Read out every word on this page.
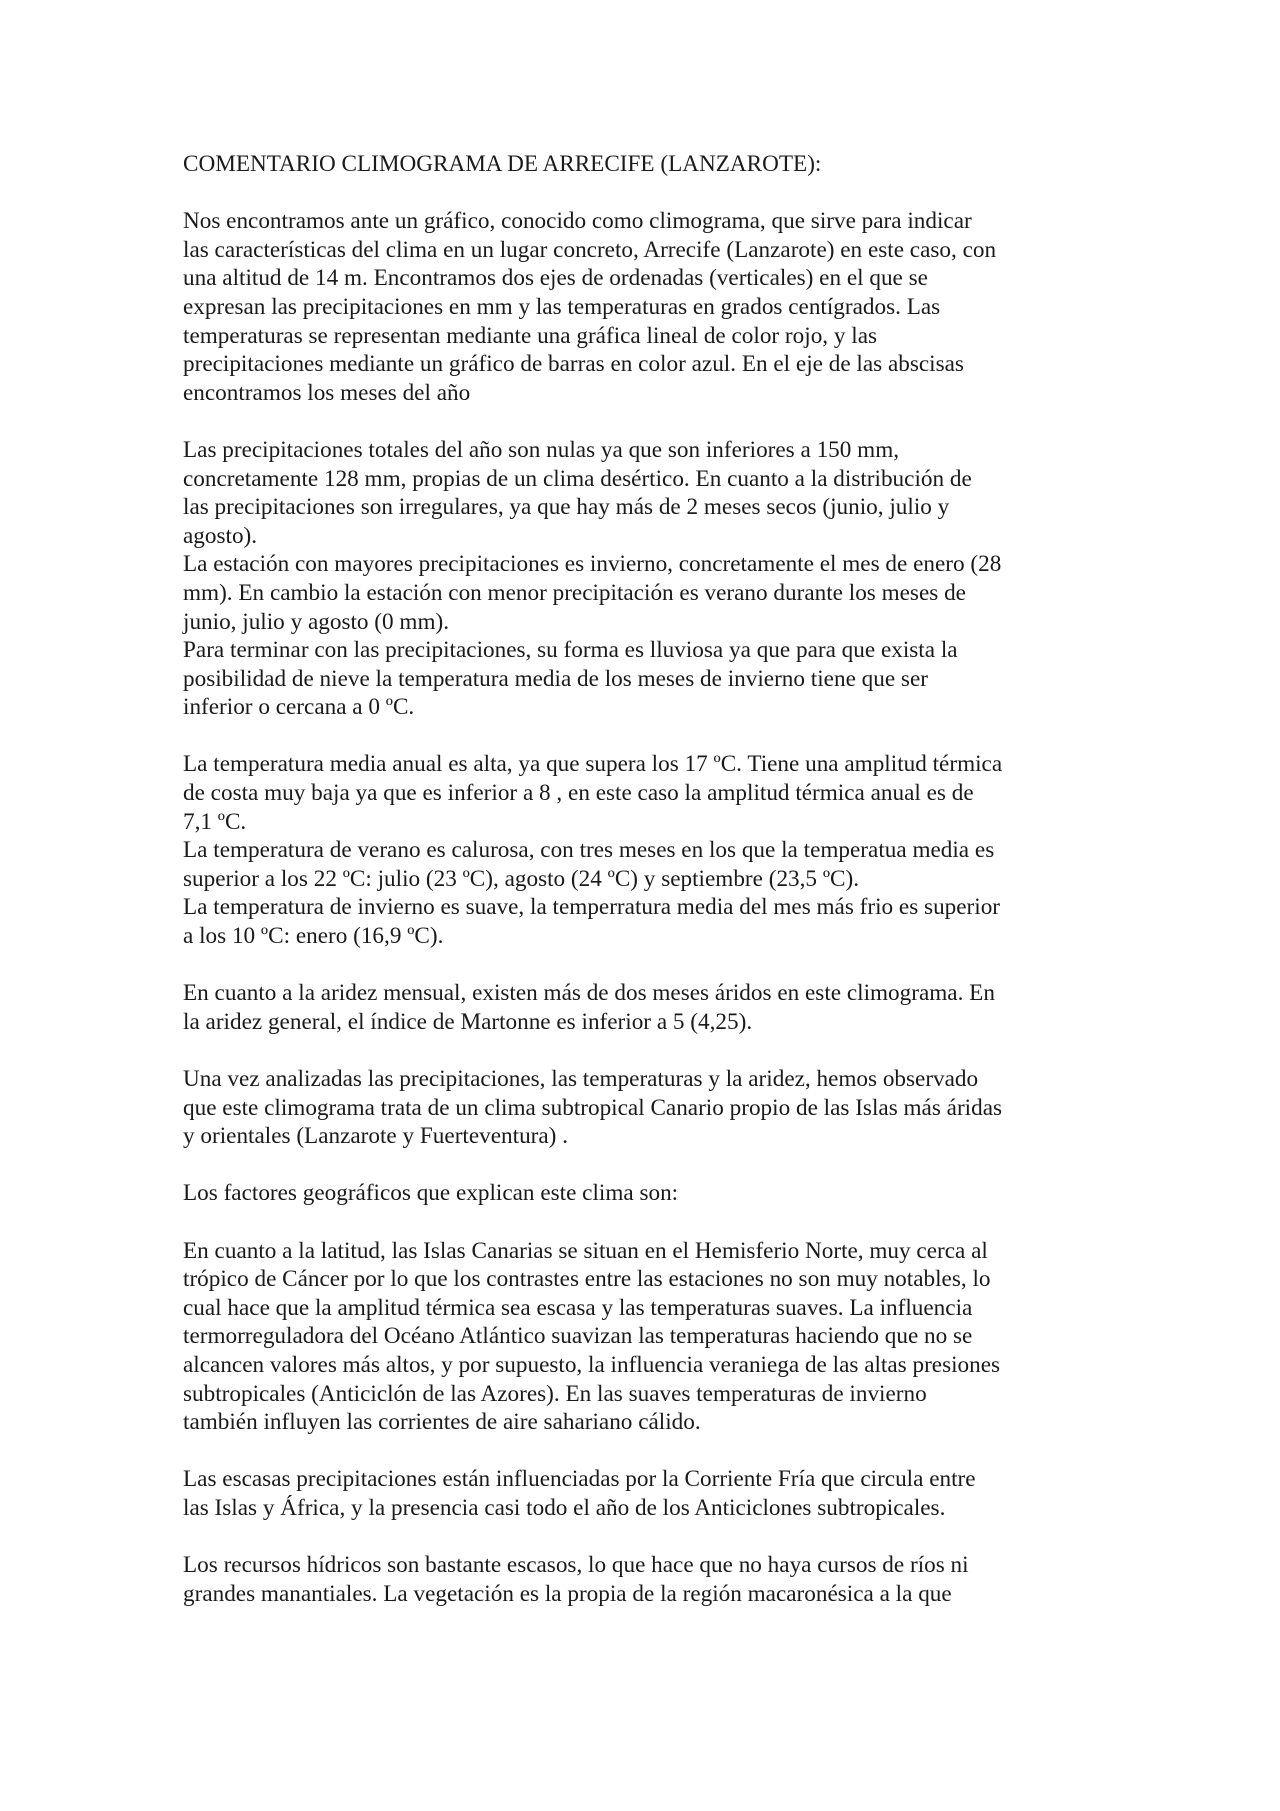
COMENTARIO CLIMOGRAMA DE ARRECIFE (LANZAROTE):

Nos encontramos ante un gráfico, conocido como climograma, que sirve para indicar
las características del clima en un lugar concreto, Arrecife (Lanzarote) en este caso, con
una altitud de 14 m. Encontramos dos ejes de ordenadas (verticales) en el que se
expresan las precipitaciones en mm y las temperaturas en grados centígrados. Las
temperaturas se representan mediante una gráfica lineal de color rojo, y las
precipitaciones mediante un gráfico de barras en color azul. En el eje de las abscisas
encontramos los meses del año

Las precipitaciones totales del año son nulas ya que son inferiores a 150 mm,
concretamente 128 mm, propias de un clima desértico. En cuanto a la distribución de
las precipitaciones son irregulares, ya que hay más de 2 meses secos (junio, julio y
agosto).

La estación con mayores precipitaciones es invierno, concretamente el mes de enero (28
mm). En cambio la estación con menor precipitación es verano durante los meses de
junio, julio y agosto (0 mm).

Para terminar con las precipitaciones, su forma es lluviosa ya que para que exista la
posibilidad de nieve la temperatura media de los meses de invierno tiene que ser
inferior o cercana a 0 ºC.

La temperatura media anual es alta, ya que supera los 17 ºC. Tiene una amplitud térmica
de costa muy baja ya que es inferior a 8 , en este caso la amplitud térmica anual es de
7,1 ºC.

La temperatura de verano es calurosa, con tres meses en los que la temperatua media es
superior a los 22 ºC: julio (23 ºC), agosto (24 ºC) y septiembre (23,5 ºC).

La temperatura de invierno es suave, la temperratura media del mes más frio es superior
a los 10 ºC: enero (16,9 ºC).

En cuanto a la aridez mensual, existen más de dos meses áridos en este climograma. En
la aridez general, el índice de Martonne es inferior a 5 (4,25).

Una vez analizadas las precipitaciones, las temperaturas y la aridez, hemos observado
que este climograma trata de un clima subtropical Canario propio de las Islas más áridas
y orientales (Lanzarote y Fuerteventura) .

Los factores geográficos que explican este clima son:

En cuanto a la latitud, las Islas Canarias se situan en el Hemisferio Norte, muy cerca al
trópico de Cáncer por lo que los contrastes entre las estaciones no son muy notables, lo
cual hace que la amplitud térmica sea escasa y las temperaturas suaves. La influencia
termorreguladora del Océano Atlántico suavizan las temperaturas haciendo que no se
alcancen valores más altos, y por supuesto, la influencia veraniega de las altas presiones
subtropicales (Anticiclón de las Azores). En las suaves temperaturas de invierno
también influyen las corrientes de aire sahariano cálido.

Las escasas precipitaciones están influenciadas por la Corriente Fría que circula entre
las Islas y África, y la presencia casi todo el año de los Anticiclones subtropicales.

Los recursos hídricos son bastante escasos, lo que hace que no haya cursos de ríos ni
grandes manantiales. La vegetación es la propia de la región macaronésica a la que
